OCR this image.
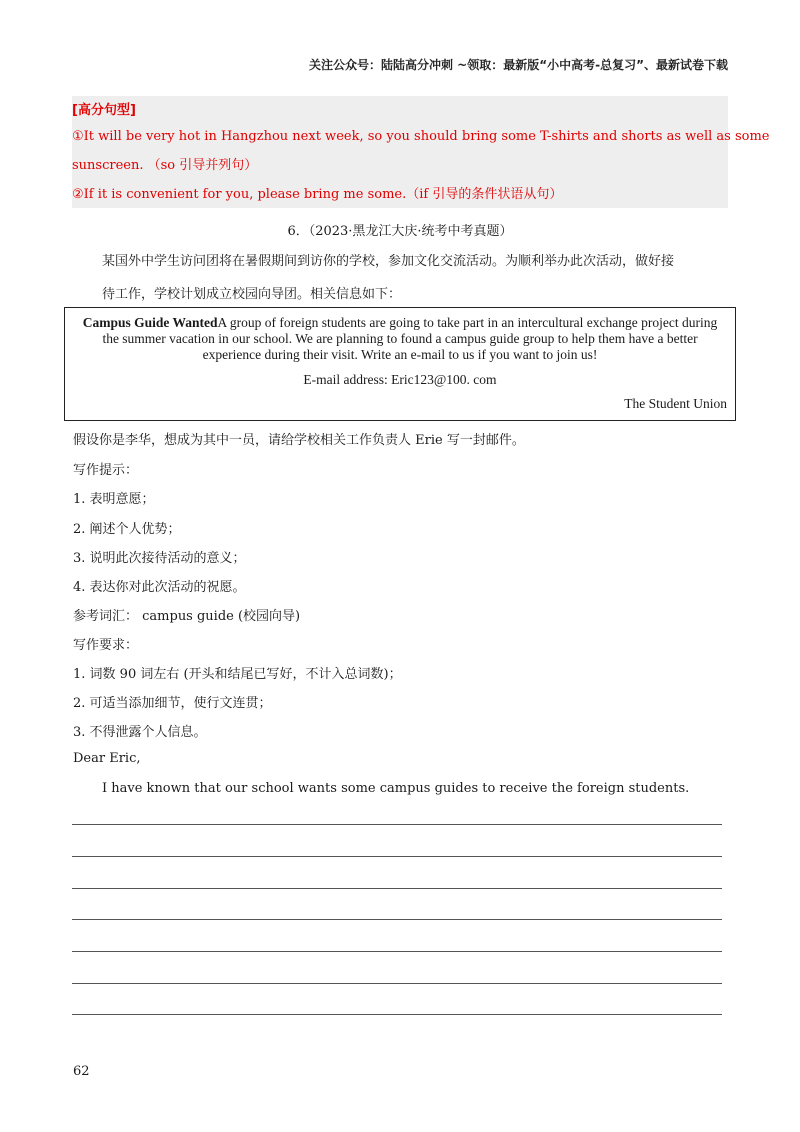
关注公众号：陆陆高分冲刺 ~领取：最新版“小中高考-总复习”、最新试卷下载
[高分句型]
①It will be very hot in Hangzhou next week, so you should bring some T-shirts and shorts as well as some
sunscreen. （so 引导并列句）
②If it is convenient for you, please bring me some.（if 引导的条件状语从句）
6．（2023·黑龙江大庆·统考中考真题）
某国外中学生访问团将在暑假期间到访你的学校，参加文化交流活动。为顺利举办此次活动，做好接
待工作，学校计划成立校园向导团。相关信息如下：
Campus Guide WantedA group of foreign students are going to take part in an intercultural exchange project during the summer vacation in our school. We are planning to found a campus guide group to help them have a better experience during their visit. Write an e-mail to us if you want to join us!
E-mail address: Eric123@100. com
The Student Union
假设你是李华，想成为其中一员，请给学校相关工作负责人 Erie 写一封邮件。
写作提示：
1. 表明意愿；
2. 阐述个人优势；
3. 说明此次接待活动的意义；
4. 表达你对此次活动的祝愿。
参考词汇： campus guide (校园向导)
写作要求：
1. 词数 90 词左右 (开头和结尾已写好，不计入总词数)；
2. 可适当添加细节，使行文连贯；
3. 不得泄露个人信息。
Dear Eric,
I have known that our school wants some campus guides to receive the foreign students.
62
